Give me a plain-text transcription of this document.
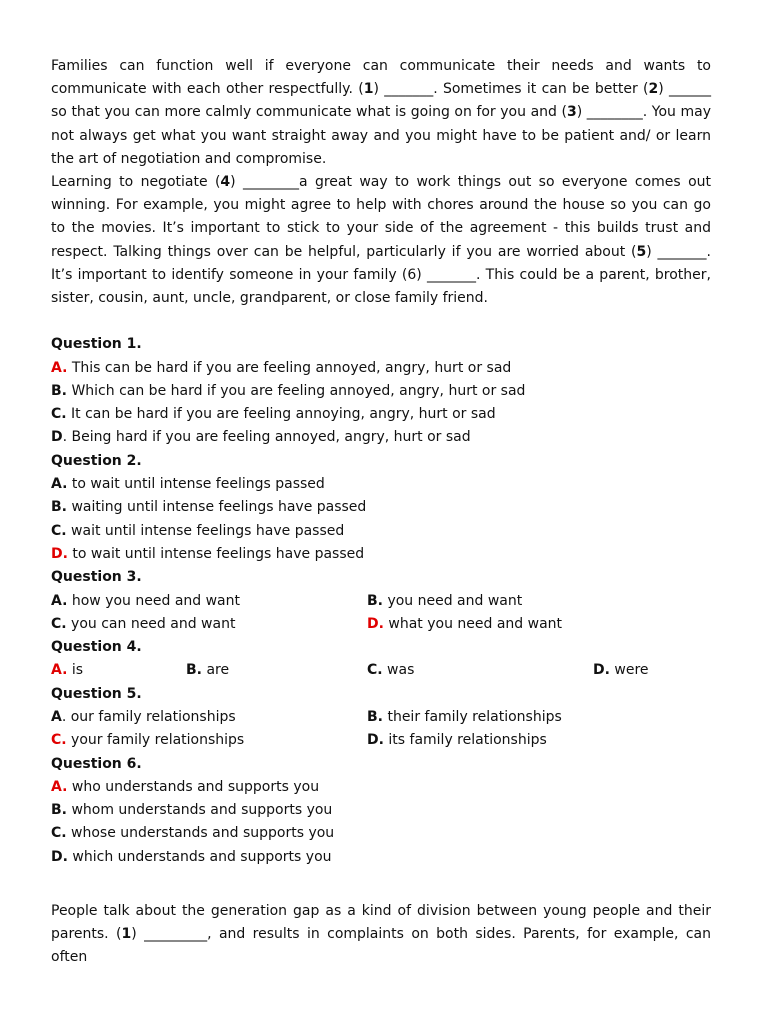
Families can function well if everyone can communicate their needs and wants to communicate with each other respectfully. (1) _______. Sometimes it can be better (2) ______ so that you can more calmly communicate what is going on for you and (3) ________. You may not always get what you want straight away and you might have to be patient and/ or learn the art of negotiation and compromise.

Learning to negotiate (4) ________a great way to work things out so everyone comes out winning. For example, you might agree to help with chores around the house so you can go to the movies. It’s important to stick to your side of the agreement - this builds trust and respect. Talking things over can be helpful, particularly if you are worried about (5) _______. It’s important to identify someone in your family (6) _______. This could be a parent, brother, sister, cousin, aunt, uncle, grandparent, or close family friend.

Question 1.
A. This can be hard if you are feeling annoyed, angry, hurt or sad
B. Which can be hard if you are feeling annoyed, angry, hurt or sad
C. It can be hard if you are feeling annoying, angry, hurt or sad
D. Being hard if you are feeling annoyed, angry, hurt or sad
Question 2.
A. to wait until intense feelings passed
B. waiting until intense feelings have passed
C. wait until intense feelings have passed
D. to wait until intense feelings have passed
Question 3.
A. how you need and want	B. you need and want
C. you can need and want	D. what you need and want
Question 4.
A. is	B. are	C. was	D. were
Question 5.
A. our family relationships	B. their family relationships
C. your family relationships	D. its family relationships
Question 6.
A. who understands and supports you
B. whom understands and supports you
C. whose understands and supports you
D. which understands and supports you

People talk about the generation gap as a kind of division between young people and their parents. (1) _________, and results in complaints on both sides. Parents, for example, can often
